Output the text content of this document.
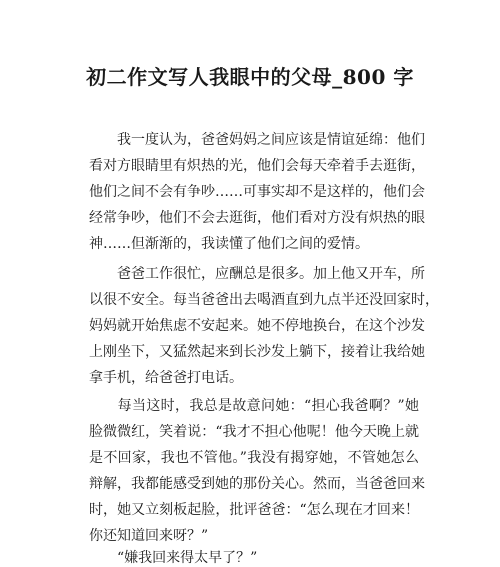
初二作文写人我眼中的父母_800 字
　　我一度认为，爸爸妈妈之间应该是情谊延绵：他们
看对方眼睛里有炽热的光，他们会每天牵着手去逛街，
他们之间不会有争吵……可事实却不是这样的，他们会
经常争吵，他们不会去逛街，他们看对方没有炽热的眼
神……但渐渐的，我读懂了他们之间的爱情。
　　爸爸工作很忙，应酬总是很多。加上他又开车，所
以很不安全。每当爸爸出去喝酒直到九点半还没回家时，
妈妈就开始焦虑不安起来。她不停地换台，在这个沙发
上刚坐下，又猛然起来到长沙发上躺下，接着让我给她
拿手机，给爸爸打电话。
　　每当这时，我总是故意问她：“担心我爸啊？”她
脸微微红，笑着说：“我才不担心他呢！他今天晚上就
是不回家，我也不管他。”我没有揭穿她，不管她怎么
辩解，我都能感受到她的那份关心。然而，当爸爸回来
时，她又立刻板起脸，批评爸爸：“怎么现在才回来！
你还知道回来呀？”
　　“嫌我回来得太早了？”
